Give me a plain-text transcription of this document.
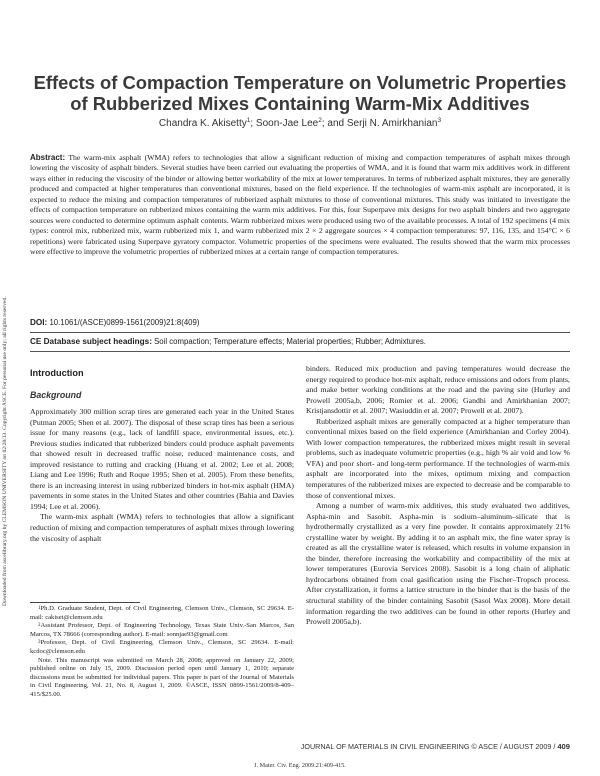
Downloaded from ascelibrary.org by CLEMSON UNIVERSITY on 02/28/13. Copyright ASCE. For personal use only; all rights reserved.
Effects of Compaction Temperature on Volumetric Properties
of Rubberized Mixes Containing Warm-Mix Additives
Chandra K. Akisetty$^1$; Soon-Jae Lee$^2$; and Serji N. Amirkhanian$^3$
Abstract: The warm-mix asphalt (WMA) refers to technologies that allow a significant reduction of mixing and compaction temperatures of asphalt mixes through lowering the viscosity of asphalt binders. Several studies have been carried out evaluating the properties of WMA, and it is found that warm mix additives work in different ways either in reducing the viscosity of the binder or allowing better workability of the mix at lower temperatures. In terms of rubberized asphalt mixtures, they are generally produced and compacted at higher temperatures than conventional mixtures, based on the field experience. If the technologies of warm-mix asphalt are incorporated, it is expected to reduce the mixing and compaction temperatures of rubberized asphalt mixtures to those of conventional mixtures. This study was initiated to investigate the effects of compaction temperature on rubberized mixes containing the warm mix additives. For this, four Superpave mix designs for two asphalt binders and two aggregate sources were conducted to determine optimum asphalt contents. Warm rubberized mixes were produced using two of the available processes. A total of 192 specimens (4 mix types: control mix, rubberized mix, warm rubberized mix 1, and warm rubberized mix 2 × 2 aggregate sources × 4 compaction temperatures: 97, 116, 135, and 154°C × 6 repetitions) were fabricated using Superpave gyratory compactor. Volumetric properties of the specimens were evaluated. The results showed that the warm mix processes were effective to improve the volumetric properties of rubberized mixes at a certain range of compaction temperatures.
DOI: 10.1061/(ASCE)0899-1561(2009)21:8(409)
CE Database subject headings: Soil compaction; Temperature effects; Material properties; Rubber; Admixtures.
Introduction
Background

Approximately 300 million scrap tires are generated each year in the United States (Putman 2005; Shen et al. 2007). The disposal of these scrap tires has been a serious issue for many reasons (e.g., lack of landfill space, environmental issues, etc.). Previous studies indicated that rubberized binders could produce asphalt pavements that showed result in decreased traffic noise, reduced maintenance costs, and improved resistance to rutting and cracking (Huang et al. 2002; Lee et al. 2008; Liang and Lee 1996; Ruth and Roque 1995; Shen et al. 2005). From these benefits, there is an increasing interest in using rubberized binders in hot-mix asphalt (HMA) pavements in some states in the United States and other countries (Bahia and Davies 1994; Lee et al. 2006).

The warm-mix asphalt (WMA) refers to technologies that allow a significant reduction of mixing and compaction temperatures of asphalt mixes through lowering the viscosity of asphalt

$^1$Ph.D. Graduate Student, Dept. of Civil Engineering, Clemson Univ., Clemson, SC 29634. E-mail: cakiset@clemson.edu

$^2$Assistant Professor, Dept. of Engineering Technology, Texas State Univ.-San Marcos, San Marcos, TX 78666 (corresponding author). E-mail: sonnjae93@gmail.com

$^3$Professor, Dept. of Civil Engineering, Clemson Univ., Clemson, SC 29634. E-mail: kcdoc@clemson.edu

Note. This manuscript was submitted on March 28, 2008; approved on January 22, 2009; published online on July 15, 2009. Discussion period open until January 1, 2010; separate discussions must be submitted for individual papers. This paper is part of the Journal of Materials in Civil Engineering, Vol. 21, No. 8, August 1, 2009. ©ASCE, ISSN 0899-1561/2009/8-409–415/$25.00.

binders. Reduced mix production and paving temperatures would decrease the energy required to produce hot-mix asphalt, reduce emissions and odors from plants, and make better working conditions at the road and the paving site (Hurley and Prowell 2005a,b, 2006; Romier et al. 2006; Gandhi and Amirkhanian 2007; Kristjansdottir et al. 2007; Wasiuddin et al. 2007; Prowell et al. 2007).

Rubberized asphalt mixes are generally compacted at a higher temperature than conventional mixes based on the field experience (Amirkhanian and Corley 2004). With lower compaction temperatures, the rubberized mixes might result in several problems, such as inadequate volumetric properties (e.g., high % air void and low % VFA) and poor short- and long-term performance. If the technologies of warm-mix asphalt are incorporated into the mixes, optimum mixing and compaction temperatures of the rubberized mixes are expected to decrease and be comparable to those of conventional mixes.

Among a number of warm-mix additives, this study evaluated two additives, Aspha-min and Sasobit. Aspha-min is sodium–aluminum–silicate that is hydrothermally crystallized as a very fine powder. It contains approximately 21% crystalline water by weight. By adding it to an asphalt mix, the fine water spray is created as all the crystalline water is released, which results in volume expansion in the binder, therefore increasing the workability and compactibility of the mix at lower temperatures (Eurovia Services 2008). Sasobit is a long chain of aliphatic hydrocarbons obtained from coal gasification using the Fischer–Tropsch process. After crystallization, it forms a lattice structure in the binder that is the basis of the structural stability of the binder containing Sasobit (Sasol Wax 2008). More detail information regarding the two additives can be found in other reports (Hurley and Prowell 2005a,b).

JOURNAL OF MATERIALS IN CIVIL ENGINEERING © ASCE / AUGUST 2009 / 409
J. Mater. Civ. Eng. 2009.21:409-415.
